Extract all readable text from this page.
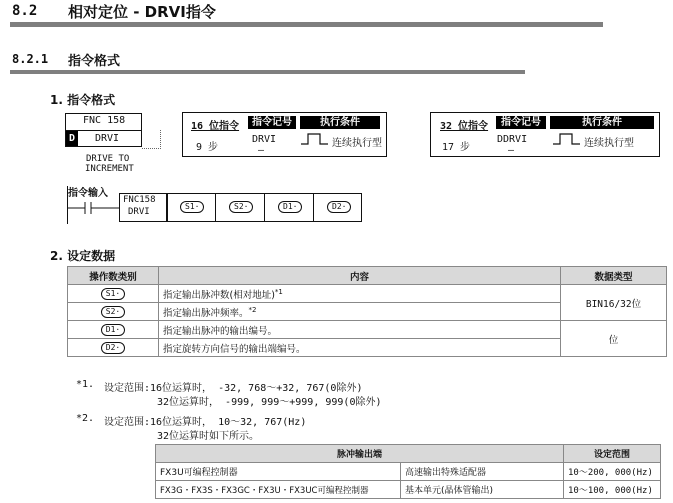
8.2 相对定位 - DRVI指令
8.2.1 指令格式
1. 指令格式
FNC 158
D DRVI
DRIVE TO
INCREMENT
16 位指令
9 步
指令记号	执行条件
DRVI
—
连续执行型
32 位指令
17 步
指令记号	执行条件
DDRVI
—
连续执行型
指令输入
FNC158
DRVI
S1·	S2·	D1·	D2·
2. 设定数据
操作数类别	内容	数据类型
S1·	指定输出脉冲数(相对地址)$^{*1}$	BIN16/32位
S2·	指定输出脉冲频率。$^{*2}$
D1·	指定输出脉冲的输出编号。	位
D2·	指定旋转方向信号的输出端编号。	
*1. 设定范围:16位运算时， -32, 768～+32, 767(0除外)
32位运算时， -999, 999～+999, 999(0除外)
*2. 设定范围:16位运算时， 10～32, 767(Hz)
32位运算时如下所示。
脉冲输出端		设定范围
FX3U可编程控制器	高速输出特殊适配器	10～200, 000(Hz)
FX3G・FX3S・FX3GC・FX3U・FX3UC可编程控制器	基本单元(晶体管输出)	10～100, 000(Hz)
